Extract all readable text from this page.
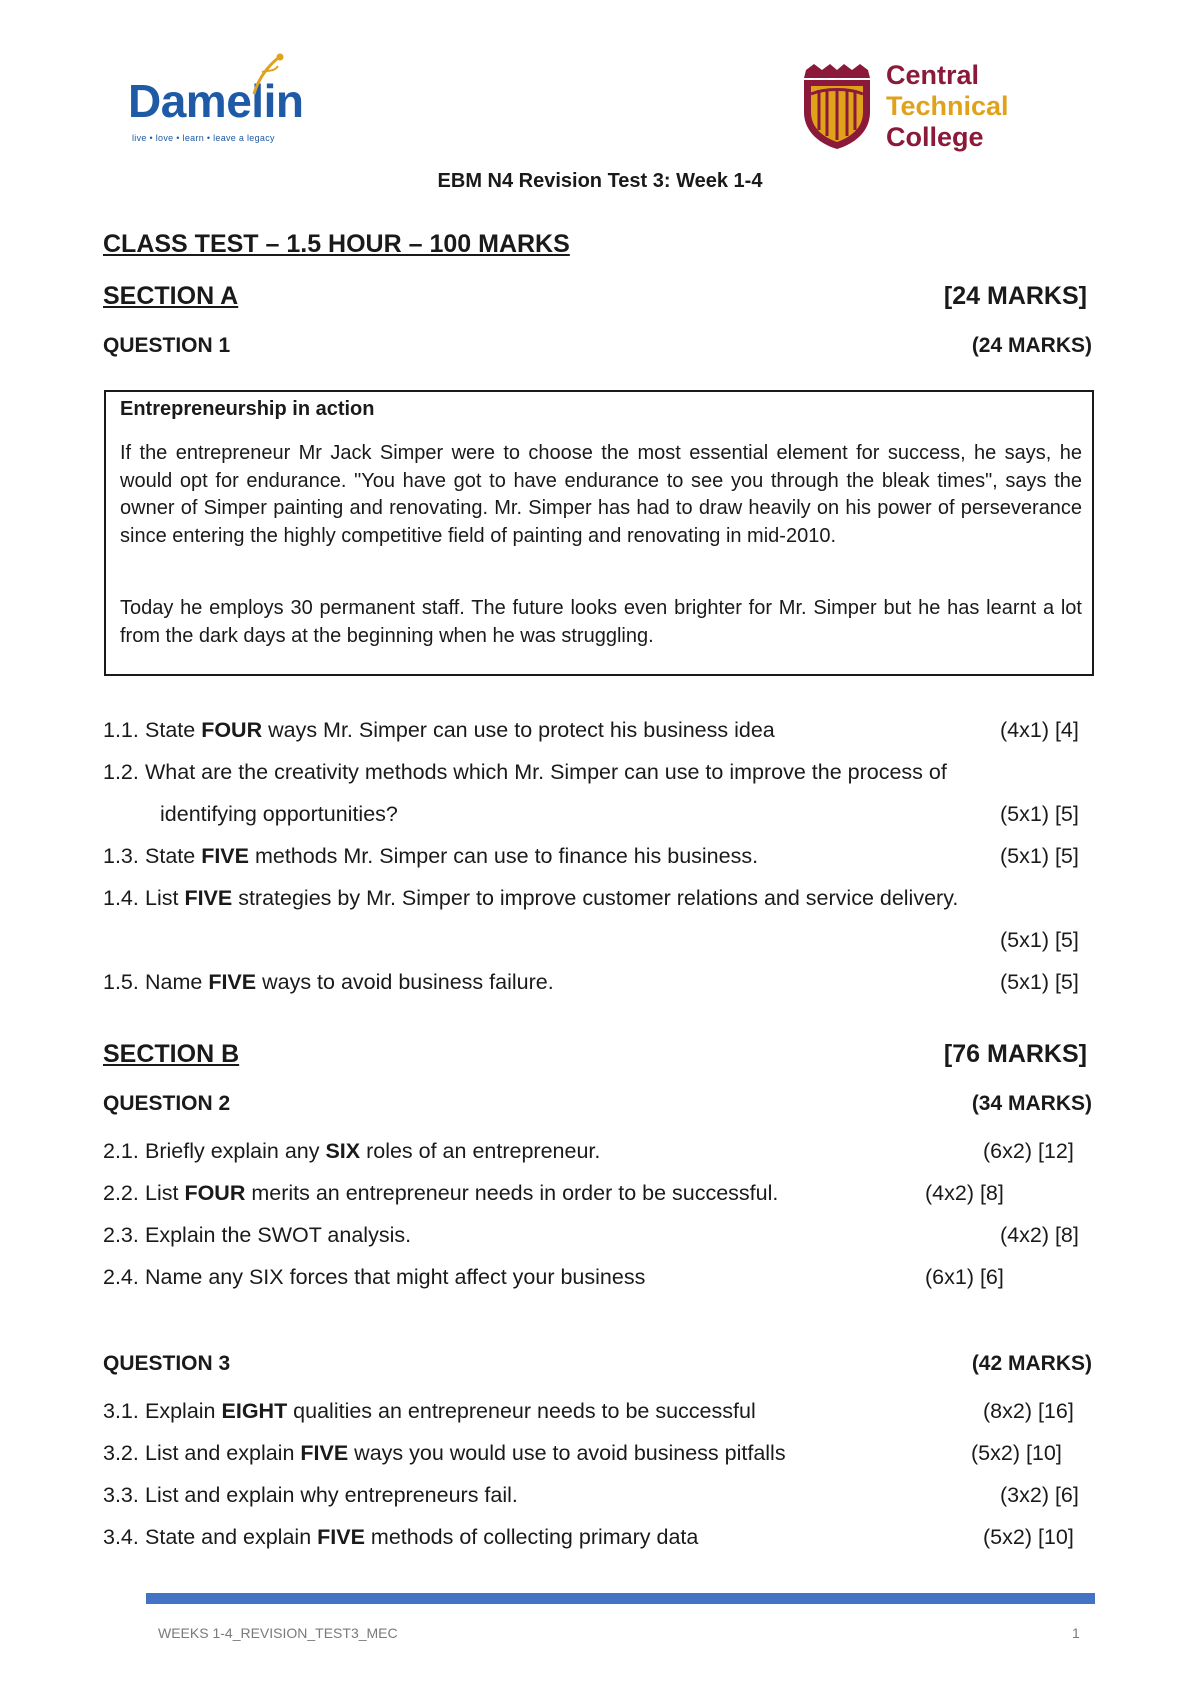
Damelin
live • love • learn • leave a legacy
Central
Technical
College
EBM N4 Revision Test 3: Week 1-4
CLASS TEST – 1.5 HOUR – 100 MARKS
SECTION A	[24 MARKS]
QUESTION 1	(24 MARKS)
Entrepreneurship in action
If the entrepreneur Mr Jack Simper were to choose the most essential element for success, he says, he would opt for endurance. "You have got to have endurance to see you through the bleak times", says the owner of Simper painting and renovating. Mr. Simper has had to draw heavily on his power of perseverance since entering the highly competitive field of painting and renovating in mid-2010.
Today he employs 30 permanent staff. The future looks even brighter for Mr. Simper but he has learnt a lot from the dark days at the beginning when he was struggling.
1.1. State FOUR ways Mr. Simper can use to protect his business idea	(4x1) [4]
1.2. What are the creativity methods which Mr. Simper can use to improve the process of
identifying opportunities?	(5x1) [5]
1.3. State FIVE methods Mr. Simper can use to finance his business.	(5x1) [5]
1.4. List FIVE strategies by Mr. Simper to improve customer relations and service delivery.
(5x1) [5]
1.5. Name FIVE ways to avoid business failure.	(5x1) [5]
SECTION B	[76 MARKS]
QUESTION 2	(34 MARKS)
2.1. Briefly explain any SIX roles of an entrepreneur.	(6x2) [12]
2.2. List FOUR merits an entrepreneur needs in order to be successful.	(4x2) [8]
2.3. Explain the SWOT analysis.	(4x2) [8]
2.4. Name any SIX forces that might affect your business	(6x1) [6]
QUESTION 3	(42 MARKS)
3.1. Explain EIGHT qualities an entrepreneur needs to be successful	(8x2) [16]
3.2. List and explain FIVE ways you would use to avoid business pitfalls	(5x2) [10]
3.3. List and explain why entrepreneurs fail.	(3x2) [6]
3.4. State and explain FIVE methods of collecting primary data	(5x2) [10]
WEEKS 1-4_REVISION_TEST3_MEC	1
